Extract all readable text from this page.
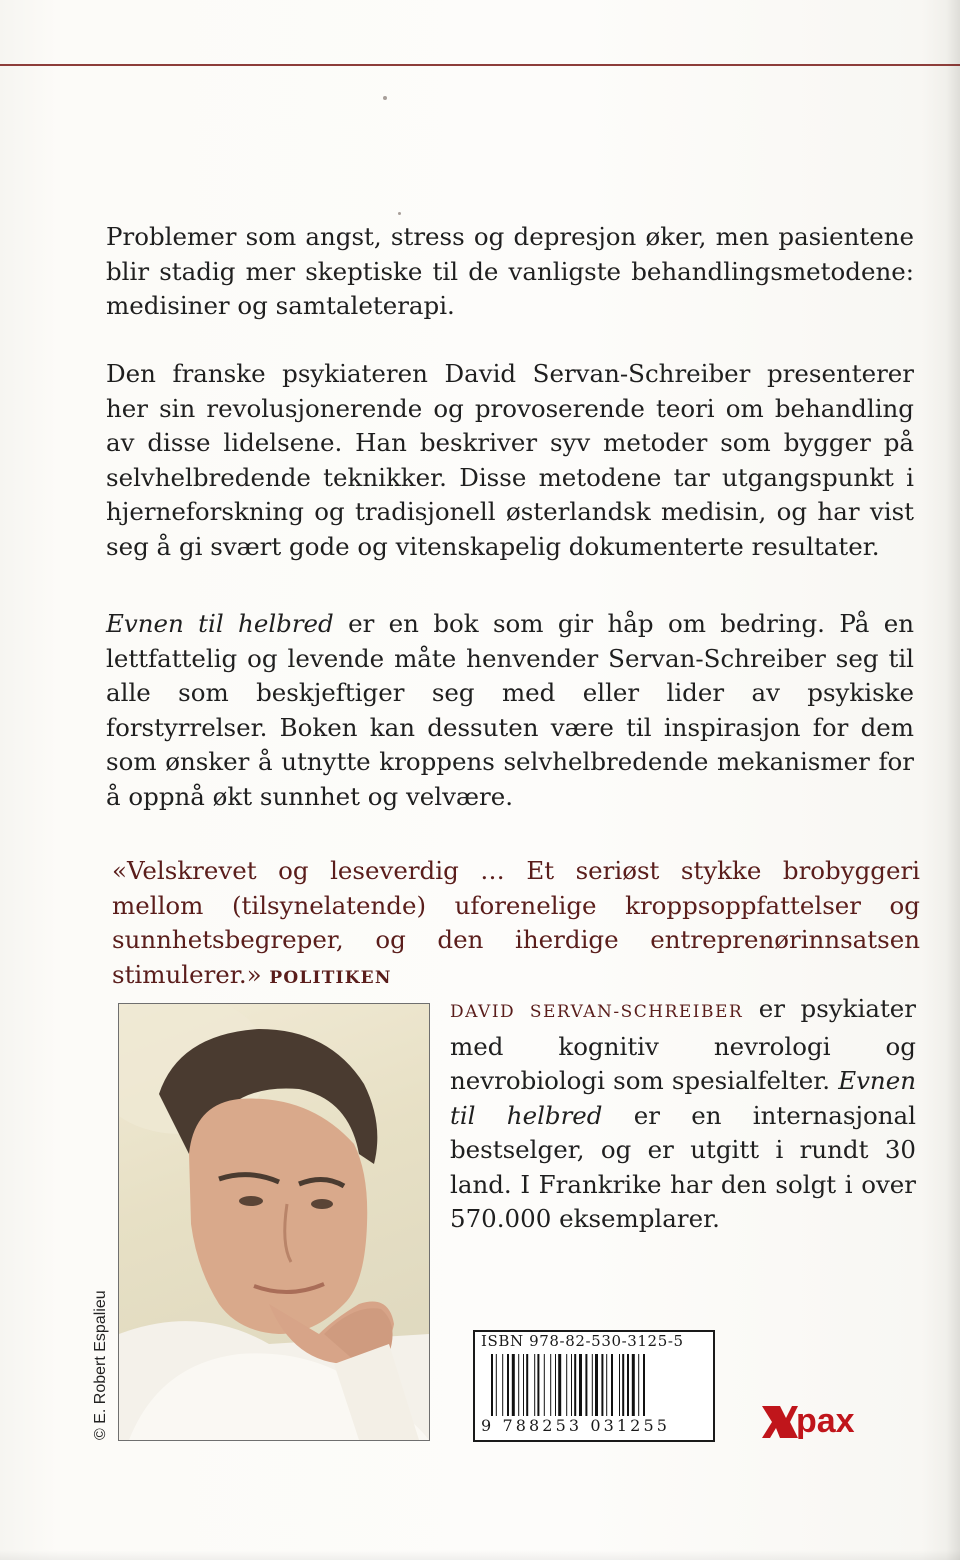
Problemer som angst, stress og depresjon øker, men pasientene blir stadig mer skeptiske til de vanligste behandlingsmetodene: medisiner og samtaleterapi.

Den franske psykiateren David Servan-Schreiber presenterer her sin revolusjonerende og provoserende teori om behandling av disse lidelsene. Han beskriver syv metoder som bygger på selvhelbredende teknikker. Disse metodene tar utgangspunkt i hjerneforskning og tradisjonell østerlandsk medisin, og har vist seg å gi svært gode og vitenskapelig dokumenterte resultater.

Evnen til helbred er en bok som gir håp om bedring. På en lettfattelig og levende måte henvender Servan-Schreiber seg til alle som beskjeftiger seg med eller lider av psykiske forstyrrelser. Boken kan dessuten være til inspirasjon for dem som ønsker å utnytte kroppens selvhelbredende mekanismer for å oppnå økt sunnhet og velvære.

«Velskrevet og leseverdig … Et seriøst stykke brobyggeri mellom (tilsynelatende) uforenelige kroppsoppfattelser og sunnhetsbegreper, og den iherdige entreprenørinnsatsen stimulerer.» POLITIKEN

© E. Robert Espalieu

DAVID SERVAN-SCHREIBER er psykiater med kognitiv nevrologi og nevrobiologi som spesialfelter. Evnen til helbred er en internasjonal bestselger, og er utgitt i rundt 30 land. I Frankrike har den solgt i over 570.000 eksemplarer.

ISBN 978-82-530-3125-5
9 788253 031255	pax
